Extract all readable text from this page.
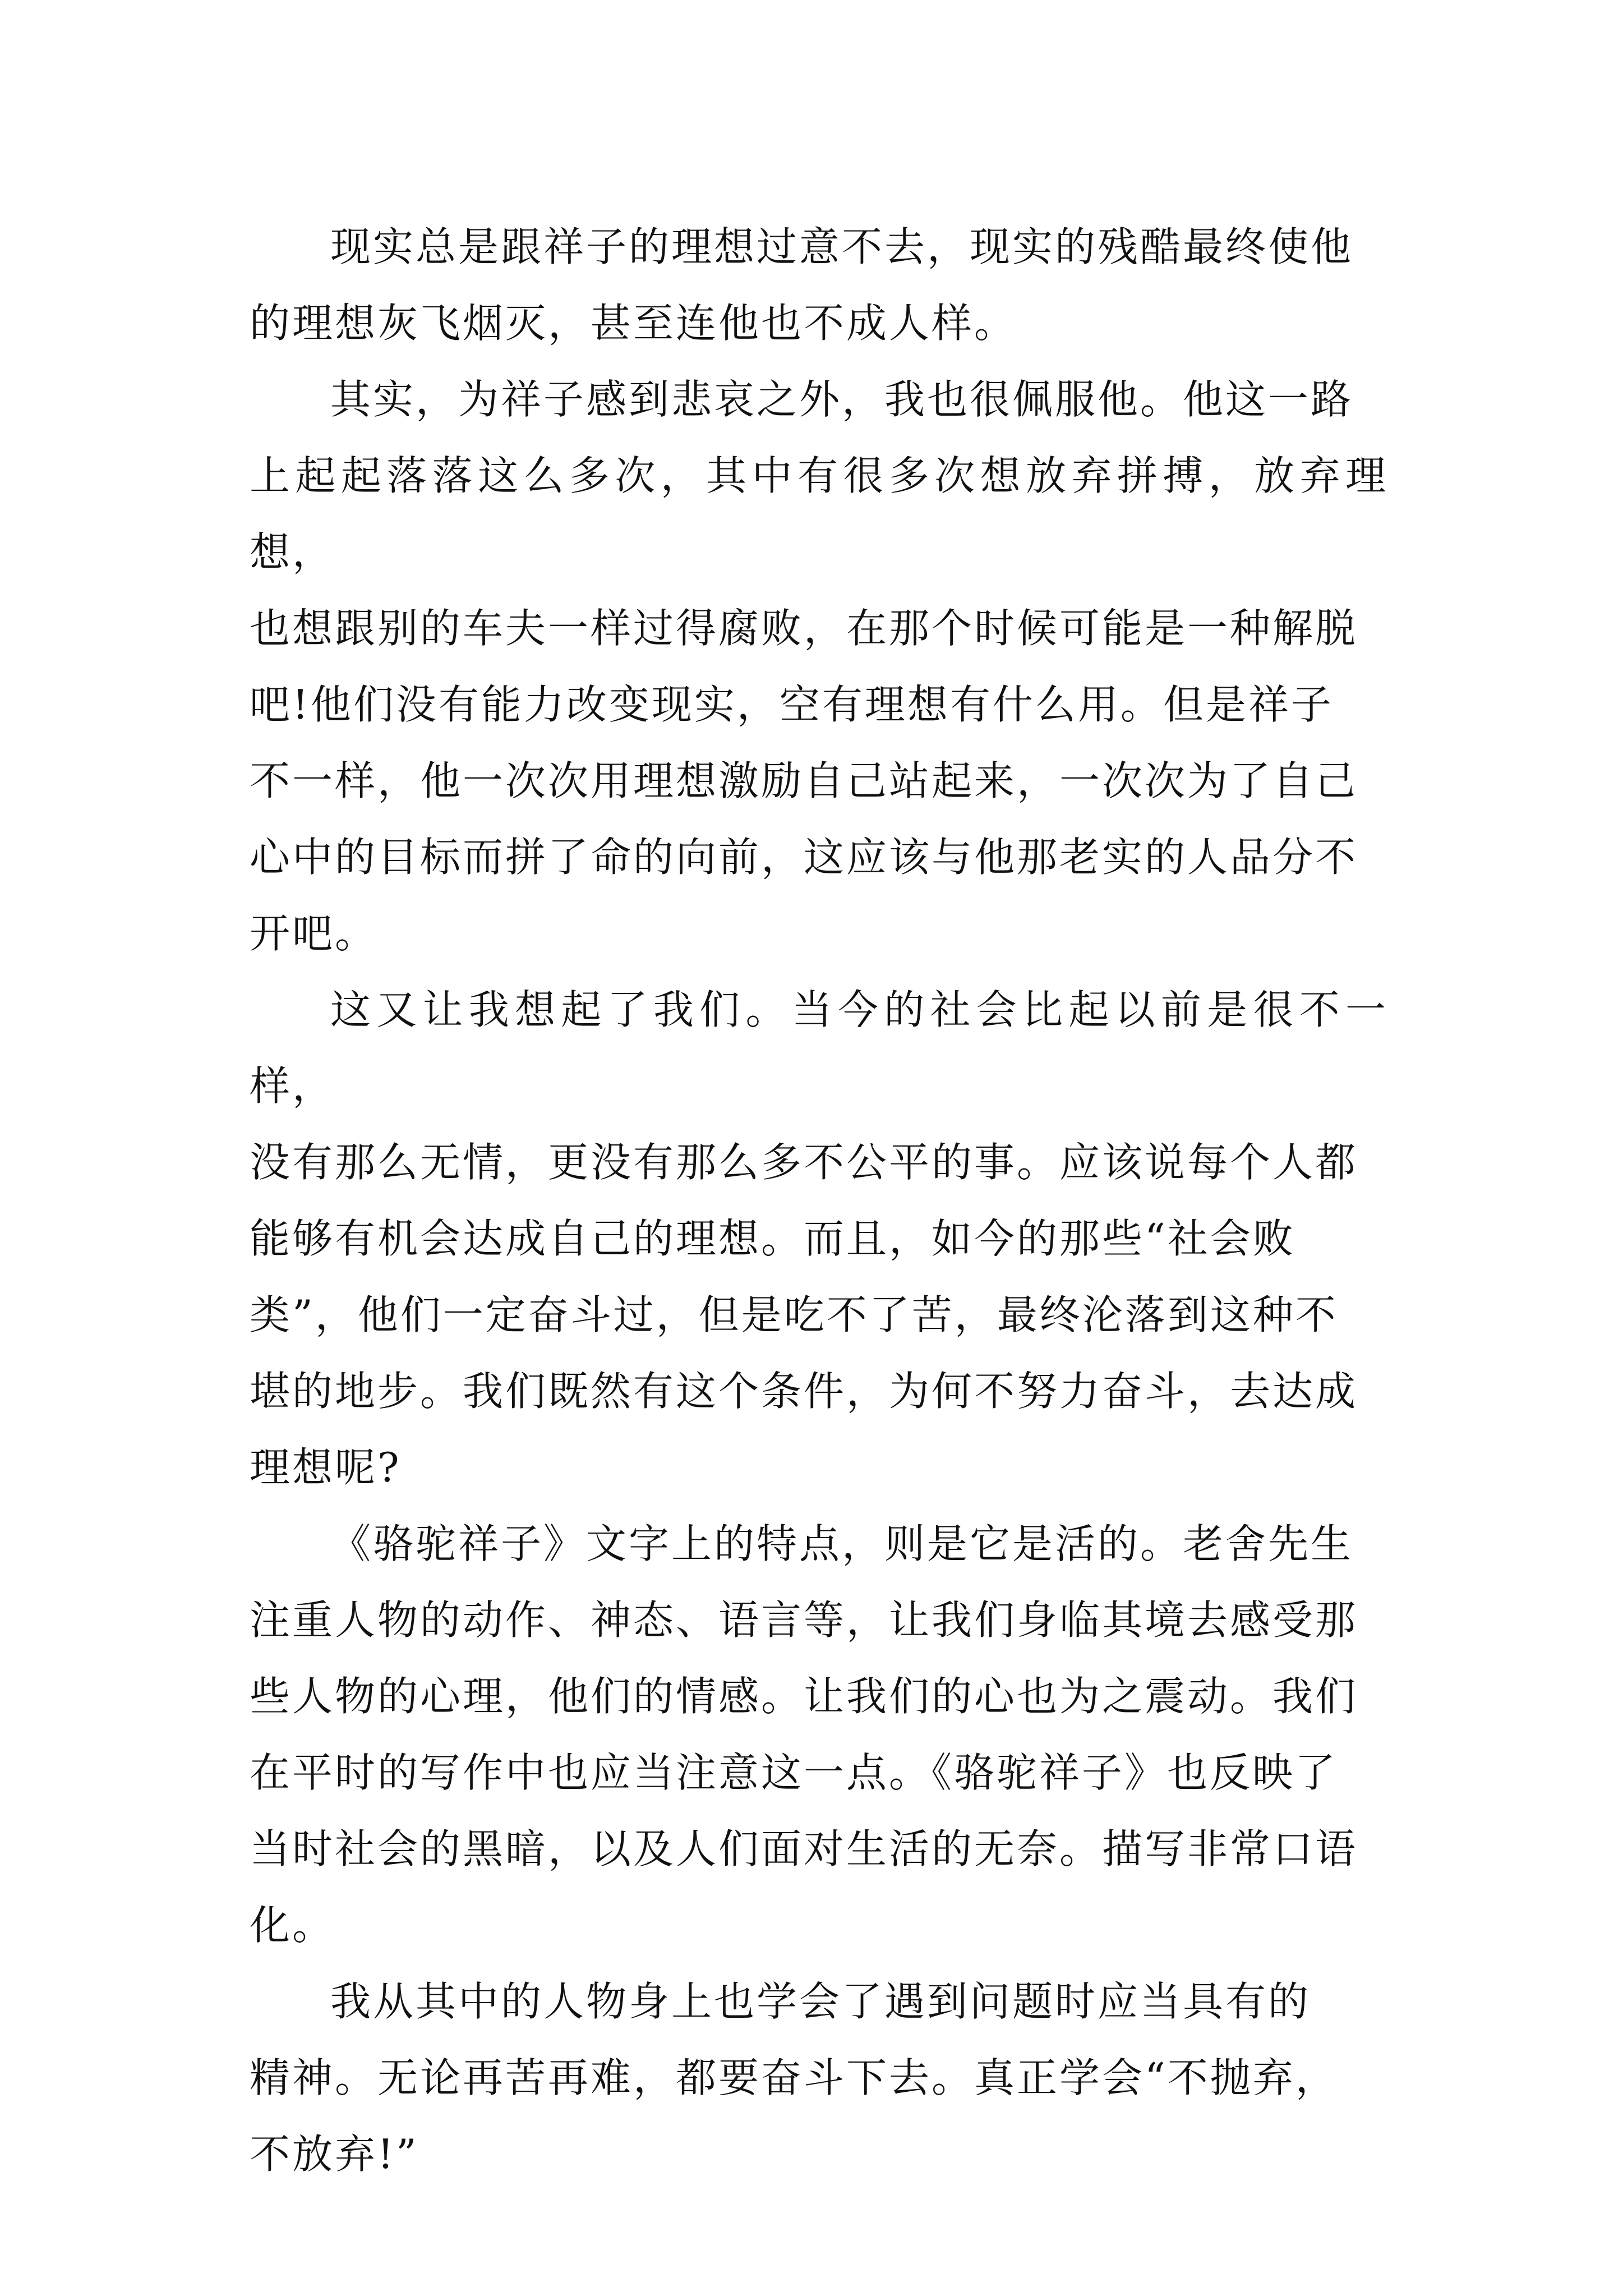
现实总是跟祥子的理想过意不去，现实的残酷最终使他
的理想灰飞烟灭，甚至连他也不成人样。

其实，为祥子感到悲哀之外，我也很佩服他。他这一路
上起起落落这么多次，其中有很多次想放弃拼搏，放弃理想，
也想跟别的车夫一样过得腐败，在那个时候可能是一种解脱
吧!他们没有能力改变现实，空有理想有什么用。但是祥子
不一样，他一次次用理想激励自己站起来，一次次为了自己
心中的目标而拼了命的向前，这应该与他那老实的人品分不
开吧。

这又让我想起了我们。当今的社会比起以前是很不一样，
没有那么无情，更没有那么多不公平的事。应该说每个人都
能够有机会达成自己的理想。而且，如今的那些“社会败
类”，他们一定奋斗过，但是吃不了苦，最终沦落到这种不
堪的地步。我们既然有这个条件，为何不努力奋斗，去达成
理想呢?

《骆驼祥子》文字上的特点，则是它是活的。老舍先生
注重人物的动作、神态、语言等，让我们身临其境去感受那
些人物的心理，他们的情感。让我们的心也为之震动。我们
在平时的写作中也应当注意这一点。《骆驼祥子》也反映了
当时社会的黑暗，以及人们面对生活的无奈。描写非常口语
化。

我从其中的人物身上也学会了遇到问题时应当具有的
精神。无论再苦再难，都要奋斗下去。真正学会“不抛弃，
不放弃!”
